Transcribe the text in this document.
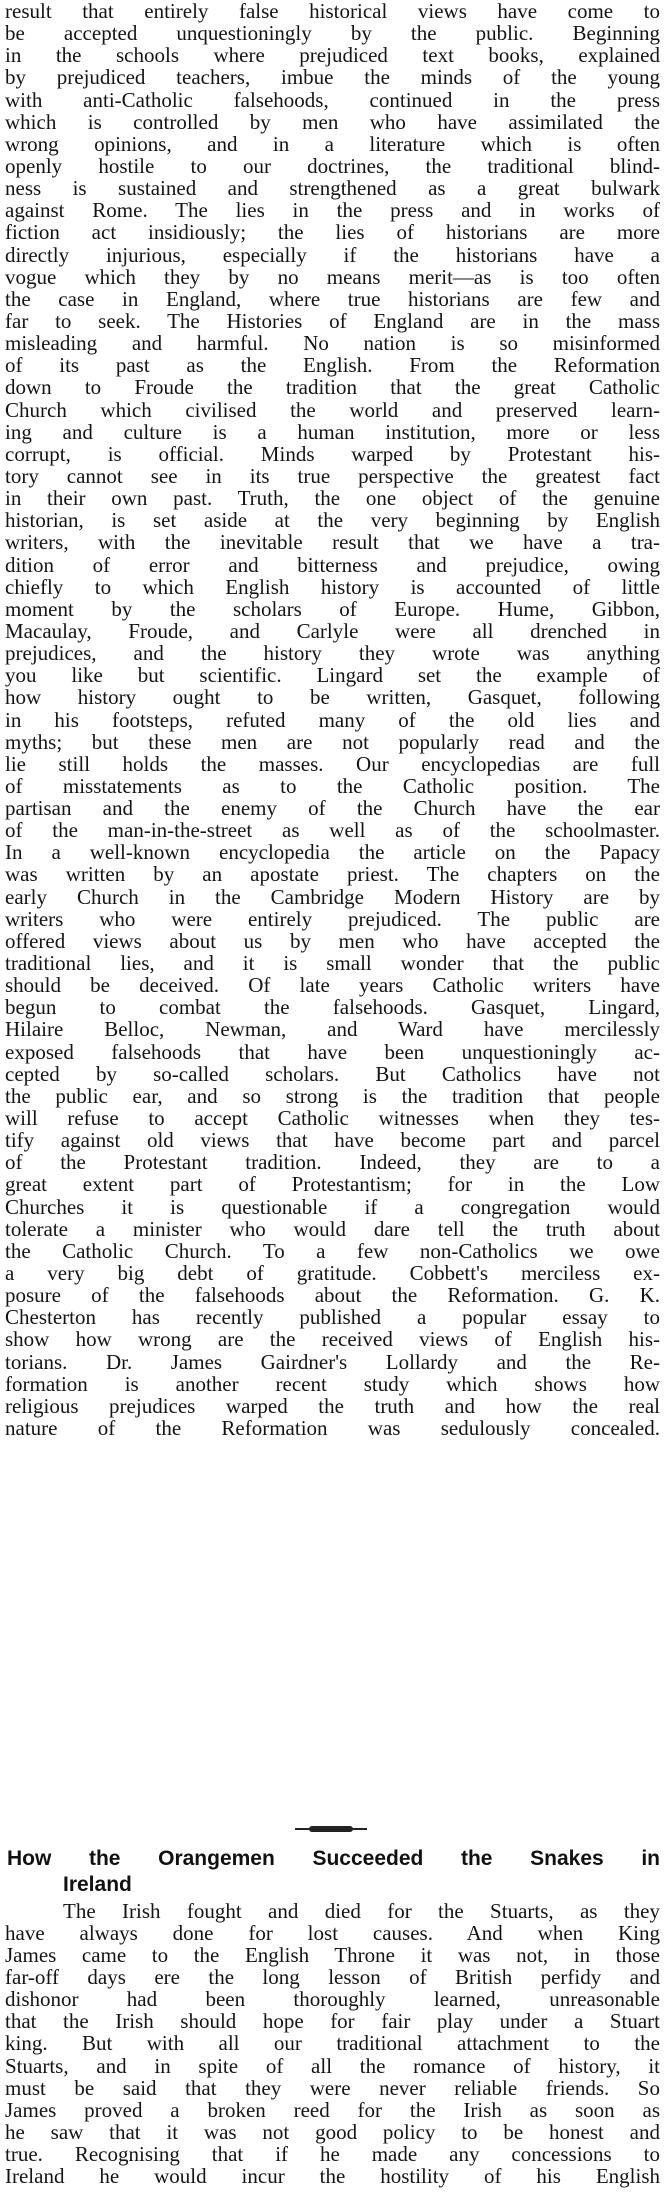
result that entirely false historical views have come to
be accepted unquestioningly by the public. Beginning
in the schools where prejudiced text books, explained
by prejudiced teachers, imbue the minds of the young
with anti-Catholic falsehoods, continued in the press
which is controlled by men who have assimilated the
wrong opinions, and in a literature which is often
openly hostile to our doctrines, the traditional blind-
ness is sustained and strengthened as a great bulwark
against Rome. The lies in the press and in works of
fiction act insidiously; the lies of historians are more
directly injurious, especially if the historians have a
vogue which they by no means merit—as is too often
the case in England, where true historians are few and
far to seek. The Histories of England are in the mass
misleading and harmful. No nation is so misinformed
of its past as the English. From the Reformation
down to Froude the tradition that the great Catholic
Church which civilised the world and preserved learn-
ing and culture is a human institution, more or less
corrupt, is official. Minds warped by Protestant his-
tory cannot see in its true perspective the greatest fact
in their own past. Truth, the one object of the genuine
historian, is set aside at the very beginning by English
writers, with the inevitable result that we have a tra-
dition of error and bitterness and prejudice, owing
chiefly to which English history is accounted of little
moment by the scholars of Europe. Hume, Gibbon,
Macaulay, Froude, and Carlyle were all drenched in
prejudices, and the history they wrote was anything
you like but scientific. Lingard set the example of
how history ought to be written, Gasquet, following
in his footsteps, refuted many of the old lies and
myths; but these men are not popularly read and the
lie still holds the masses. Our encyclopedias are full
of misstatements as to the Catholic position. The
partisan and the enemy of the Church have the ear
of the man-in-the-street as well as of the schoolmaster.
In a well-known encyclopedia the article on the Papacy
was written by an apostate priest. The chapters on the
early Church in the Cambridge Modern History are by
writers who were entirely prejudiced. The public are
offered views about us by men who have accepted the
traditional lies, and it is small wonder that the public
should be deceived. Of late years Catholic writers have
begun to combat the falsehoods. Gasquet, Lingard,
Hilaire Belloc, Newman, and Ward have mercilessly
exposed falsehoods that have been unquestioningly ac-
cepted by so-called scholars. But Catholics have not
the public ear, and so strong is the tradition that people
will refuse to accept Catholic witnesses when they tes-
tify against old views that have become part and parcel
of the Protestant tradition. Indeed, they are to a
great extent part of Protestantism; for in the Low
Churches it is questionable if a congregation would
tolerate a minister who would dare tell the truth about
the Catholic Church. To a few non-Catholics we owe
a very big debt of gratitude. Cobbett's merciless ex-
posure of the falsehoods about the Reformation. G. K.
Chesterton has recently published a popular essay to
show how wrong are the received views of English his-
torians. Dr. James Gairdner's Lollardy and the Re-
formation is another recent study which shows how
religious prejudices warped the truth and how the real
nature of the Reformation was sedulously concealed.
How the Orangemen Succeeded the Snakes in
Ireland
The Irish fought and died for the Stuarts, as they
have always done for lost causes. And when King
James came to the English Throne it was not, in those
far-off days ere the long lesson of British perfidy and
dishonor had been thoroughly learned, unreasonable
that the Irish should hope for fair play under a Stuart
king. But with all our traditional attachment to the
Stuarts, and in spite of all the romance of history, it
must be said that they were never reliable friends. So
James proved a broken reed for the Irish as soon as
he saw that it was not good policy to be honest and
true. Recognising that if he made any concessions to
Ireland he would incur the hostility of his English
